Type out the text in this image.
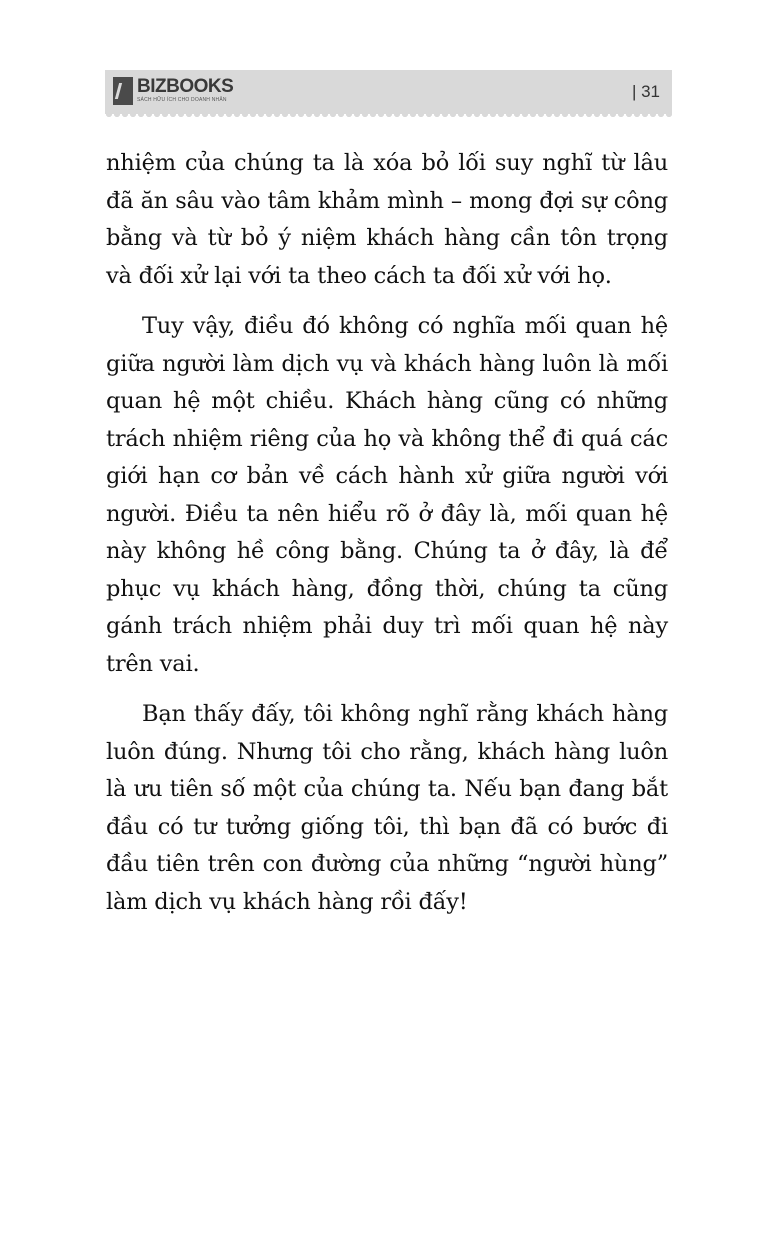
BIZBOOKS
SÁCH HỮU ÍCH CHO DOANH NHÂN	| 31

nhiệm của chúng ta là xóa bỏ lối suy nghĩ từ lâu đã ăn sâu vào tâm khảm mình – mong đợi sự công bằng và từ bỏ ý niệm khách hàng cần tôn trọng và đối xử lại với ta theo cách ta đối xử với họ.

Tuy vậy, điều đó không có nghĩa mối quan hệ giữa người làm dịch vụ và khách hàng luôn là mối quan hệ một chiều. Khách hàng cũng có những trách nhiệm riêng của họ và không thể đi quá các giới hạn cơ bản về cách hành xử giữa người với người. Điều ta nên hiểu rõ ở đây là, mối quan hệ này không hề công bằng. Chúng ta ở đây, là để phục vụ khách hàng, đồng thời, chúng ta cũng gánh trách nhiệm phải duy trì mối quan hệ này trên vai.

Bạn thấy đấy, tôi không nghĩ rằng khách hàng luôn đúng. Nhưng tôi cho rằng, khách hàng luôn là ưu tiên số một của chúng ta. Nếu bạn đang bắt đầu có tư tưởng giống tôi, thì bạn đã có bước đi đầu tiên trên con đường của những “người hùng” làm dịch vụ khách hàng rồi đấy!
